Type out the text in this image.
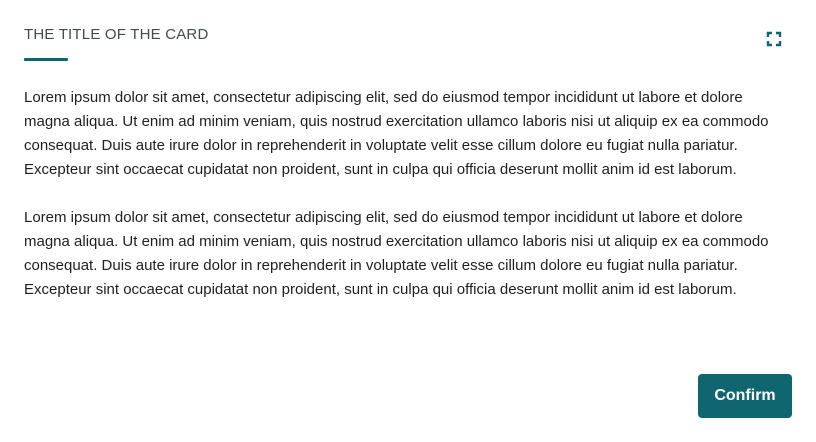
THE TITLE OF THE CARD

Lorem ipsum dolor sit amet, consectetur adipiscing elit, sed do eiusmod tempor incididunt ut labore et dolore magna aliqua. Ut enim ad minim veniam, quis nostrud exercitation ullamco laboris nisi ut aliquip ex ea commodo consequat. Duis aute irure dolor in reprehenderit in voluptate velit esse cillum dolore eu fugiat nulla pariatur. Excepteur sint occaecat cupidatat non proident, sunt in culpa qui officia deserunt mollit anim id est laborum.

Lorem ipsum dolor sit amet, consectetur adipiscing elit, sed do eiusmod tempor incididunt ut labore et dolore magna aliqua. Ut enim ad minim veniam, quis nostrud exercitation ullamco laboris nisi ut aliquip ex ea commodo consequat. Duis aute irure dolor in reprehenderit in voluptate velit esse cillum dolore eu fugiat nulla pariatur. Excepteur sint occaecat cupidatat non proident, sunt in culpa qui officia deserunt mollit anim id est laborum.

Confirm
